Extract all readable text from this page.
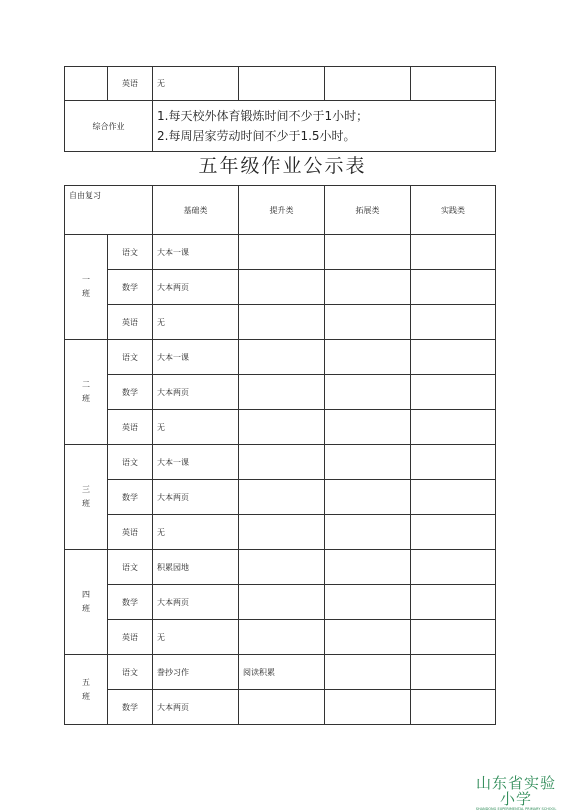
	英语	无			
综合作业		1.每天校外体育锻炼时间不少于1小时；
2.每周居家劳动时间不少于1.5小时。			
五年级作业公示表
自由复习		基础类	提升类	拓展类	实践类

一
班	语文	大本一课			
	数学	大本两页			
	英语	无			

二
班	语文	大本一课			
	数学	大本两页			
	英语	无			

三
班	语文	大本一课			
	数学	大本两页			
	英语	无			

四
班	语文	积累园地			
	数学	大本两页			
	英语	无			

五
班	语文	誊抄习作	阅读积累		
	数学	大本两页			
山东省实验小学
SHANDONG EXPERIMENTAL PRIMARY SCHOOL
